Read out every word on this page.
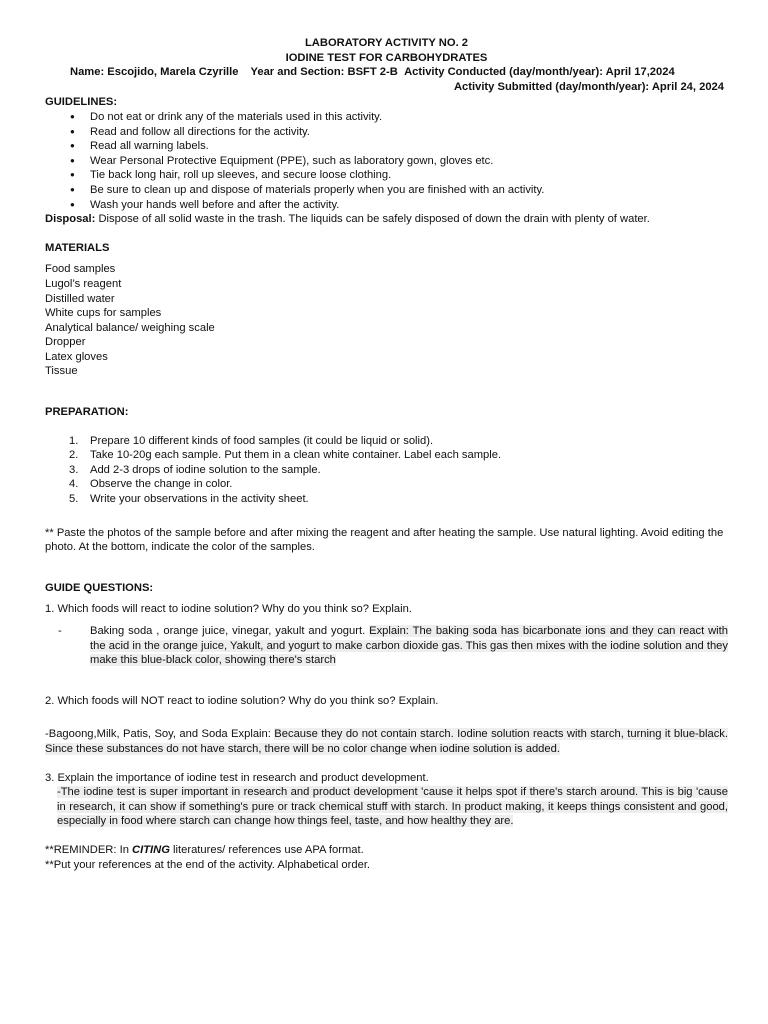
LABORATORY ACTIVITY NO. 2
IODINE TEST FOR CARBOHYDRATES
Name: Escojido, Marela Czyrille Year and Section: BSFT 2-B Activity Conducted (day/month/year): April 17,2024
Activity Submitted (day/month/year): April 24, 2024
GUIDELINES:
● Do not eat or drink any of the materials used in this activity.
● Read and follow all directions for the activity.
● Read all warning labels.
● Wear Personal Protective Equipment (PPE), such as laboratory gown, gloves etc.
● Tie back long hair, roll up sleeves, and secure loose clothing.
● Be sure to clean up and dispose of materials properly when you are finished with an activity.
● Wash your hands well before and after the activity.
Disposal: Dispose of all solid waste in the trash. The liquids can be safely disposed of down the drain with plenty of water.
MATERIALS
Food samples
Lugol’s reagent
Distilled water
White cups for samples
Analytical balance/ weighing scale
Dropper
Latex gloves
Tissue
PREPARATION:
1. Prepare 10 different kinds of food samples (it could be liquid or solid).
2. Take 10-20g each sample. Put them in a clean white container. Label each sample.
3. Add 2-3 drops of iodine solution to the sample.
4. Observe the change in color.
5. Write your observations in the activity sheet.
** Paste the photos of the sample before and after mixing the reagent and after heating the sample. Use natural lighting. Avoid editing the photo. At the bottom, indicate the color of the samples.
GUIDE QUESTIONS:
1. Which foods will react to iodine solution? Why do you think so? Explain.
-	Baking soda , orange juice, vinegar, yakult and yogurt. Explain: The baking soda has bicarbonate ions and they can react with the acid in the orange juice, Yakult, and yogurt to make carbon dioxide gas. This gas then mixes with the iodine solution and they make this blue-black color, showing there's starch
2. Which foods will NOT react to iodine solution? Why do you think so? Explain.
-Bagoong,Milk, Patis, Soy, and Soda Explain: Because they do not contain starch. Iodine solution reacts with starch, turning it blue-black. Since these substances do not have starch, there will be no color change when iodine solution is added.
3. Explain the importance of iodine test in research and product development.
-The iodine test is super important in research and product development 'cause it helps spot if there's starch around. This is big 'cause in research, it can show if something's pure or track chemical stuff with starch. In product making, it keeps things consistent and good, especially in food where starch can change how things feel, taste, and how healthy they are.
**REMINDER: In CITING literatures/ references use APA format.
**Put your references at the end of the activity. Alphabetical order.
